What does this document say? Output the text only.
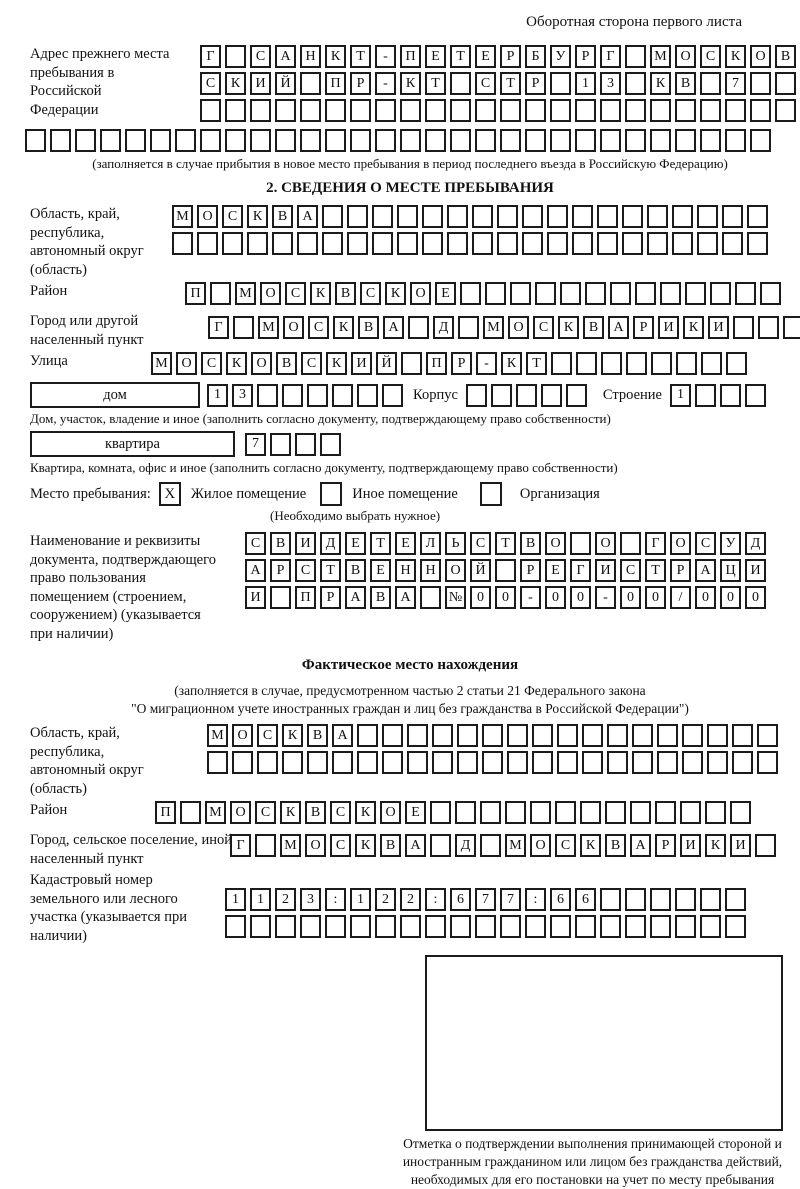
Оборотная сторона первого листа
Адрес прежнего места пребывания в Российской Федерации
Г	С	А	Н	К	Т	-	П	Е	Т	Е	Р	Б	У	Р	Г	М О	С	К	О	В
С	К	И	Й	П	Р	-	К	Т	С	Т	Р	1	3	К	В	7
(заполняется в случае прибытия в новое место пребывания в период последнего въезда в Российскую Федерацию)
2. СВЕДЕНИЯ О МЕСТЕ ПРЕБЫВАНИЯ
Область, край, республика, автономный округ (область)
М О	С	К	В	А
Район	П	М О	С	К	В	С	К	О	Е
Город или другой населенный пункт
Г	М О	С	К	В	А	Д	М О	С	К	В	А	Р	И	К	И
Улица	М О	С	К	О	В	С	К	И	Й	П	Р	-	К	Т
дом	1	3	Корпус	Строение	1
Дом, участок, владение и иное (заполнить согласно документу, подтверждающему право собственности)
квартира	7
Квартира, комната, офис и иное (заполнить согласно документу, подтверждающему право собственности)
Место пребывания: X	Жилое помещение	Иное помещение	Организация
(Необходимо выбрать нужное)
Наименование и реквизиты документа, подтверждающего право пользования помещением (строением, сооружением) (указывается при наличии)
С	В	И	Д	Е	Т	Е	Л	Ь	С	Т	В	О	О	Г	О	С	У	Д
А	Р	С	Т	В	Е	Н	Н	О	Й	Р	Е	Г	И	С	Т	Р	А	Ц	И
И	П	Р	А	В	А	№	0	0	-	0	0	-	0	0	/	0	0	0
Фактическое место нахождения
(заполняется в случае, предусмотренном частью 2 статьи 21 Федерального закона
"О миграционном учете иностранных граждан и лиц без гражданства в Российской Федерации")
Область, край, республика, автономный округ (область)
М О	С	К	В	А
Район	П	М О	С	К	В	С	К	О	Е
Город, сельское поселение, иной населенный пункт
Г	М О	С	К	В	А	Д	М О	С	К	В	А	Р	И	К	И
Кадастровый номер земельного или лесного участка (указывается при наличии)
1	1	2	3	:	1	2	2	:	6	7	7	:	6	6
Отметка о подтверждении выполнения принимающей стороной и иностранным гражданином или лицом без гражданства действий, необходимых для его постановки на учет по месту пребывания
